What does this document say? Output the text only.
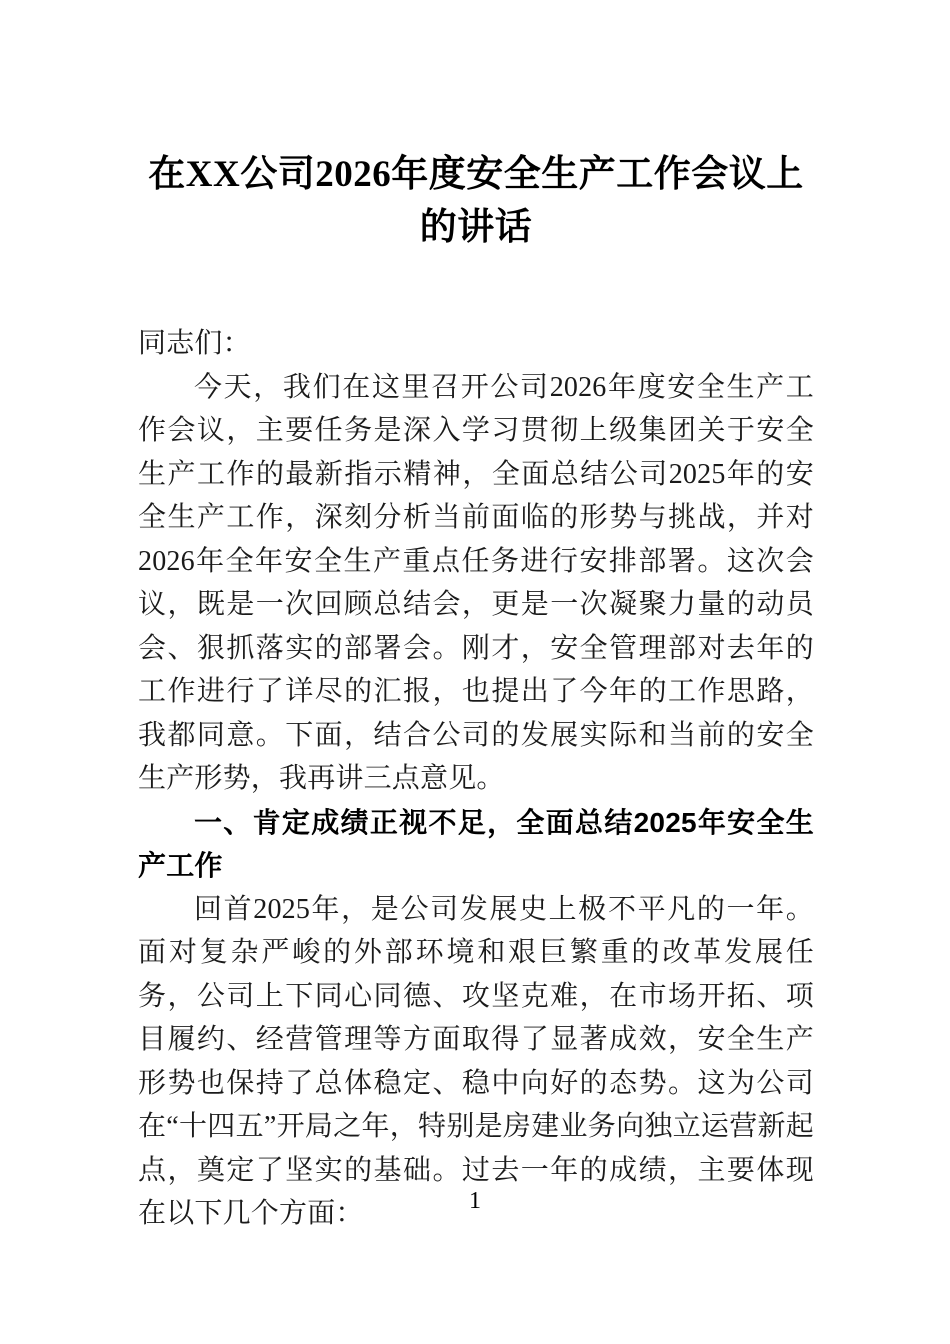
在XX公司2026年度安全生产工作会议上的讲话

同志们：

今天，我们在这里召开公司2026年度安全生产工作会议，主要任务是深入学习贯彻上级集团关于安全生产工作的最新指示精神，全面总结公司2025年的安全生产工作，深刻分析当前面临的形势与挑战，并对2026年全年安全生产重点任务进行安排部署。这次会议，既是一次回顾总结会，更是一次凝聚力量的动员会、狠抓落实的部署会。刚才，安全管理部对去年的工作进行了详尽的汇报，也提出了今年的工作思路，我都同意。下面，结合公司的发展实际和当前的安全生产形势，我再讲三点意见。

一、肯定成绩正视不足，全面总结2025年安全生产工作

回首2025年，是公司发展史上极不平凡的一年。面对复杂严峻的外部环境和艰巨繁重的改革发展任务，公司上下同心同德、攻坚克难，在市场开拓、项目履约、经营管理等方面取得了显著成效，安全生产形势也保持了总体稳定、稳中向好的态势。这为公司在“十四五”开局之年，特别是房建业务向独立运营新起点，奠定了坚实的基础。过去一年的成绩，主要体现在以下几个方面：	1
